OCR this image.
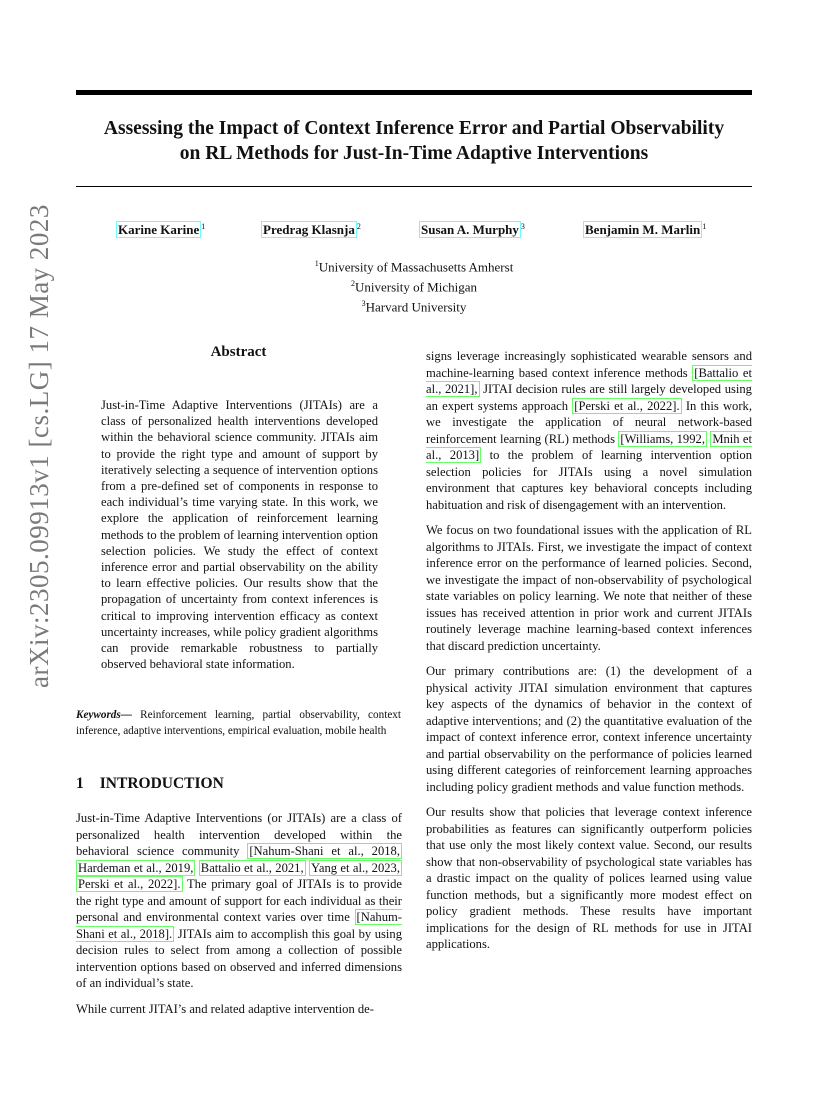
Assessing the Impact of Context Inference Error and Partial Observability
on RL Methods for Just-In-Time Adaptive Interventions
Karine Karine $^1$	Predrag Klasnja $^2$	Susan A. Murphy $^3$	Benjamin M. Marlin $^1$
$^1$University of Massachusetts Amherst
$^2$University of Michigan
$^3$Harvard University
arXiv:2305.09913v1 [cs.LG] 17 May 2023	Abstract

Just-in-Time Adaptive Interventions (JITAIs) are a class of personalized health interventions developed within the behavioral science community. JITAIs aim to provide the right type and amount of support by iteratively selecting a sequence of intervention options from a pre-defined set of components in response to each individual’s time varying state. In this work, we explore the application of reinforcement learning methods to the problem of learning intervention option selection policies. We study the effect of context inference error and partial observability on the ability to learn effective policies. Our results show that the propagation of uncertainty from context inferences is critical to improving intervention efficacy as context uncertainty increases, while policy gradient algorithms can provide remarkable robustness to partially observed behavioral state information.

Keywords— Reinforcement learning, partial observability, context inference, adaptive interventions, empirical evaluation, mobile health

1 INTRODUCTION

Just-in-Time Adaptive Interventions (or JITAIs) are a class of personalized health intervention developed within the behavioral science community [Nahum-Shani et al., 2018, Hardeman et al., 2019, Battalio et al., 2021, Yang et al., 2023, Perski et al., 2022]. The primary goal of JITAIs is to provide the right type and amount of support for each individual as their personal and environmental context varies over time [Nahum-Shani et al., 2018]. JITAIs aim to accomplish this goal by using decision rules to select from among a collection of possible intervention options based on observed and inferred dimensions of an individual’s state.

While current JITAI’s and related adaptive intervention de-

signs leverage increasingly sophisticated wearable sensors and machine-learning based context inference methods [Battalio et al., 2021], JITAI decision rules are still largely developed using an expert systems approach [Perski et al., 2022]. In this work, we investigate the application of neural network-based reinforcement learning (RL) methods [Williams, 1992, Mnih et al., 2013] to the problem of learning intervention option selection policies for JITAIs using a novel simulation environment that captures key behavioral concepts including habituation and risk of disengagement with an intervention.

We focus on two foundational issues with the application of RL algorithms to JITAIs. First, we investigate the impact of context inference error on the performance of learned policies. Second, we investigate the impact of non-observability of psychological state variables on policy learning. We note that neither of these issues has received attention in prior work and current JITAIs routinely leverage machine learning-based context inferences that discard prediction uncertainty.

Our primary contributions are: (1) the development of a physical activity JITAI simulation environment that captures key aspects of the dynamics of behavior in the context of adaptive interventions; and (2) the quantitative evaluation of the impact of context inference error, context inference uncertainty and partial observability on the performance of policies learned using different categories of reinforcement learning approaches including policy gradient methods and value function methods.

Our results show that policies that leverage context inference probabilities as features can significantly outperform policies that use only the most likely context value. Second, our results show that non-observability of psychological state variables has a drastic impact on the quality of polices learned using value function methods, but a significantly more modest effect on policy gradient methods. These results have important implications for the design of RL methods for use in JITAI applications.
